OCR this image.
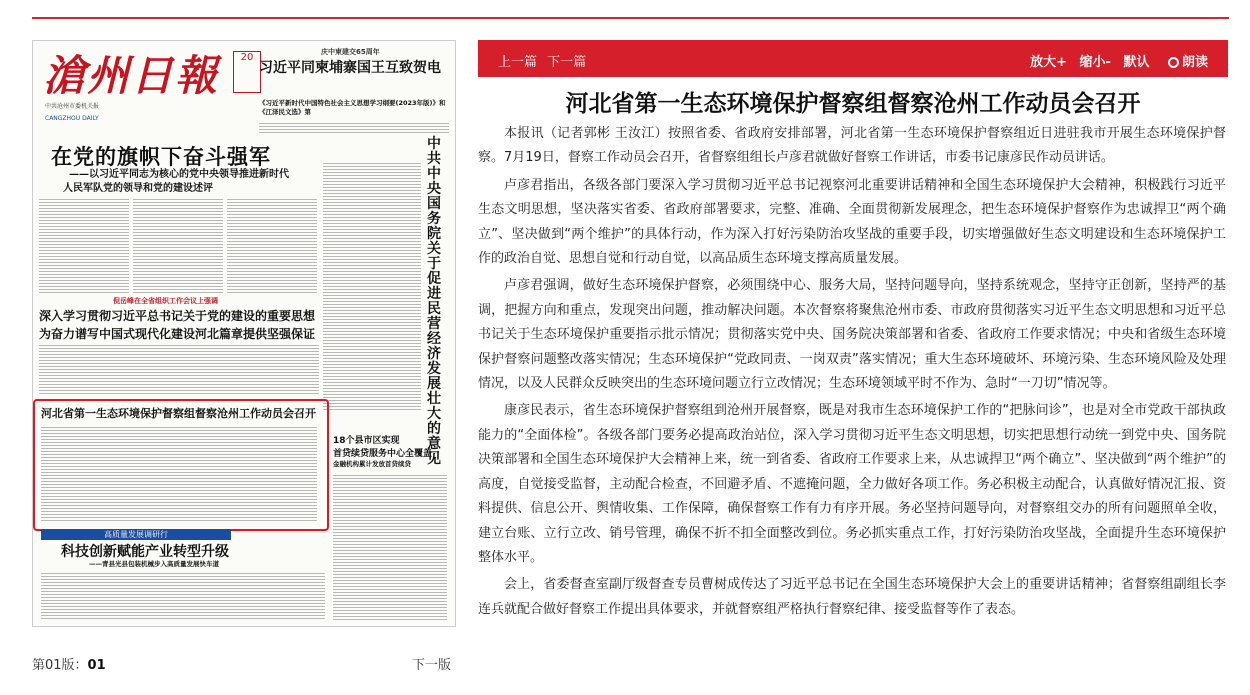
滄州日報
中共沧州市委机关报
CANGZHOU DAILY
20	庆中柬建交65周年
习近平同柬埔寨国王互致贺电
《习近平新时代中国特色社会主义思想学习纲要(2023年版)》和《江泽民文选》第
在党的旗帜下奋斗强军
——以习近平同志为核心的党中央领导推进新时代
人民军队党的领导和党的建设述评
中共中央国务院关于促进民营经济发展壮大的意见
倪岳峰在全省组织工作会议上强调
深入学习贯彻习近平总书记关于党的建设的重要思想
为奋力谱写中国式现代化建设河北篇章提供坚强保证
河北省第一生态环境保护督察组督察沧州工作动员会召开
18个县市区实现
首贷续贷服务中心全覆盖
金融机构累计发放首贷续贷
高质量发展调研行
科技创新赋能产业转型升级
——青县光县包装机械步入高质量发展快车道
第01版：01	下一版
上一篇 下一篇	放大+ 缩小- 默认	朗读
河北省第一生态环境保护督察组督察沧州工作动员会召开

本报讯（记者郭彬 王汝江）按照省委、省政府安排部署，河北省第一生态环境保护督察组近日进驻我市开展生态环境保护督察。7月19日，督察工作动员会召开，省督察组组长卢彦君就做好督察工作讲话，市委书记康彦民作动员讲话。

卢彦君指出，各级各部门要深入学习贯彻习近平总书记视察河北重要讲话精神和全国生态环境保护大会精神，积极践行习近平生态文明思想，坚决落实省委、省政府部署要求，完整、准确、全面贯彻新发展理念，把生态环境保护督察作为忠诚捍卫“两个确立”、坚决做到“两个维护”的具体行动，作为深入打好污染防治攻坚战的重要手段，切实增强做好生态文明建设和生态环境保护工作的政治自觉、思想自觉和行动自觉，以高品质生态环境支撑高质量发展。

卢彦君强调，做好生态环境保护督察，必须围绕中心、服务大局，坚持问题导向，坚持系统观念，坚持守正创新，坚持严的基调，把握方向和重点，发现突出问题，推动解决问题。本次督察将聚焦沧州市委、市政府贯彻落实习近平生态文明思想和习近平总书记关于生态环境保护重要指示批示情况；贯彻落实党中央、国务院决策部署和省委、省政府工作要求情况；中央和省级生态环境保护督察问题整改落实情况；生态环境保护“党政同责、一岗双责”落实情况；重大生态环境破坏、环境污染、生态环境风险及处理情况，以及人民群众反映突出的生态环境问题立行立改情况；生态环境领域平时不作为、急时“一刀切”情况等。

康彦民表示，省生态环境保护督察组到沧州开展督察，既是对我市生态环境保护工作的“把脉问诊”，也是对全市党政干部执政能力的“全面体检”。各级各部门要务必提高政治站位，深入学习贯彻习近平生态文明思想，切实把思想行动统一到党中央、国务院决策部署和全国生态环境保护大会精神上来，统一到省委、省政府工作要求上来，从忠诚捍卫“两个确立”、坚决做到“两个维护”的高度，自觉接受监督，主动配合检查，不回避矛盾、不遮掩问题，全力做好各项工作。务必积极主动配合，认真做好情况汇报、资料提供、信息公开、舆情收集、工作保障，确保督察工作有力有序开展。务必坚持问题导向，对督察组交办的所有问题照单全收，建立台账、立行立改、销号管理，确保不折不扣全面整改到位。务必抓实重点工作，打好污染防治攻坚战，全面提升生态环境保护整体水平。

会上，省委督查室副厅级督查专员曹树成传达了习近平总书记在全国生态环境保护大会上的重要讲话精神；省督察组副组长李连兵就配合做好督察工作提出具体要求，并就督察组严格执行督察纪律、接受监督等作了表态。
